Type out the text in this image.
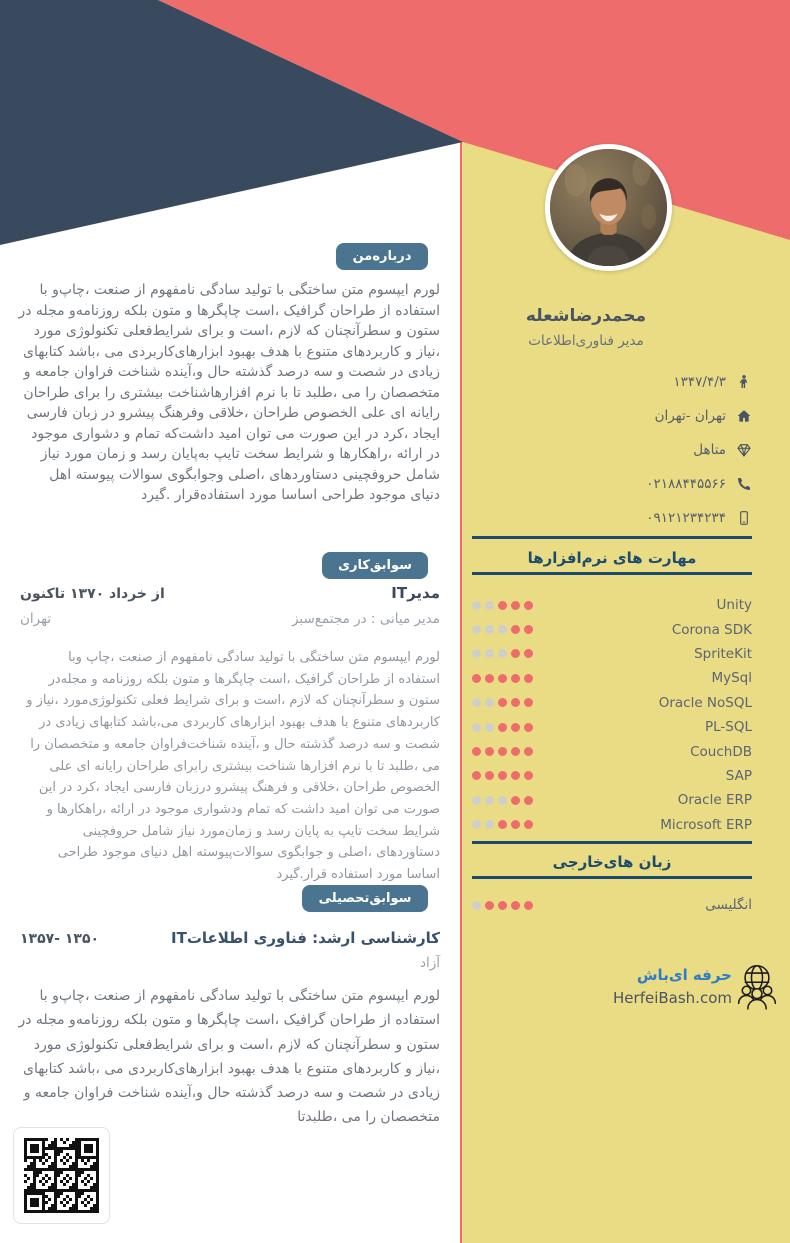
محمدرضاشعله
مدیر فناوری‌اطلاعات
۱۳۴۷/۴/۳
تهران -تهران
متاهل
۰۲۱۸۸۴۴۵۵۶۶
۰۹۱۲۱۲۳۴۲۳۴
مهارت های نرم‌افزارها
Unity
Corona SDK
SpriteKit
MySql
Oracle NoSQL
PL-SQL
CouchDB
SAP
Oracle ERP
Microsoft ERP
زبان های‌خارجی
انگلیسی
حرفه ای‌باش
HerfeiBash.com
درباره‌من
لورم ایپسوم متن ساختگی با تولید سادگی نامفهوم از صنعت ،چاپ‌و با استفاده از طراحان گرافیک ،است چاپگرها و متون بلکه روزنامه‌و مجله در ستون و سطرآنچنان که لازم ،است و برای شرایط‌فعلی تکنولوژی مورد ،نیاز و کاربردهای متنوع با هدف بهبود ابزارهای‌کاربردی می ،باشد کتابهای زیادی در شصت و سه درصد گذشته حال و،آینده شناخت فراوان جامعه و متخصصان را می ،طلبد تا با نرم افزارهاشناخت بیشتری را برای طراحان رایانه ای علی الخصوص طراحان ،خلاقی وفرهنگ پیشرو در زبان فارسی ایجاد ،کرد در این صورت می توان امید داشت‌که تمام و دشواری موجود در ارائه ،راهکارها و شرایط سخت تایپ به‌پایان رسد و زمان مورد نیاز شامل حروفچینی دستاوردهای ،اصلی وجوابگوی سوالات پیوسته اهل دنیای موجود طراحی اساسا مورد استفاده‌قرار .گیرد
سوابق‌کاری
مدیرIT
از خرداد ۱۳۷۰ تاکنون
مدیر میانی : در مجتمع‌سبز
تهران
لورم ایپسوم متن ساختگی با تولید سادگی نامفهوم از صنعت ،چاپ وبا استفاده از طراحان گرافیک ،است چاپگرها و متون بلکه روزنامه و مجله‌در ستون و سطرآنچنان که لازم ،است و برای شرایط فعلی تکنولوژی‌مورد ،نیاز و کاربردهای متنوع با هدف بهبود ابزارهای کاربردی می،باشد کتابهای زیادی در شصت و سه درصد گذشته حال و ،آینده شناخت‌فراوان جامعه و متخصصان را می ،طلبد تا با نرم افزارها شناخت بیشتری رابرای طراحان رایانه ای علی الخصوص طراحان ،خلاقی و فرهنگ پیشرو درزبان فارسی ایجاد ،کرد در این صورت می توان امید داشت که تمام ودشواری موجود در ارائه ،راهکارها و شرایط سخت تایپ به پایان رسد و زمان‌مورد نیاز شامل حروفچینی دستاوردهای ،اصلی و جوابگوی سوالات‌پیوسته اهل دنیای موجود طراحی اساسا مورد استفاده قرار.گیرد
سوابق‌تحصیلی
کارشناسی ارشد: فناوری اطلاعاتIT
۱۳۵۷- ۱۳۵۰
آزاد
لورم ایپسوم متن ساختگی با تولید سادگی نامفهوم از صنعت ،چاپ‌و با استفاده از طراحان گرافیک ،است چاپگرها و متون بلکه روزنامه‌و مجله در ستون و سطرآنچنان که لازم ،است و برای شرایط‌فعلی تکنولوژی مورد ،نیاز و کاربردهای متنوع با هدف بهبود ابزارهای‌کاربردی می ،باشد کتابهای زیادی در شصت و سه درصد گذشته حال و،آینده شناخت فراوان جامعه و متخصصان را می ،طلبدتا
